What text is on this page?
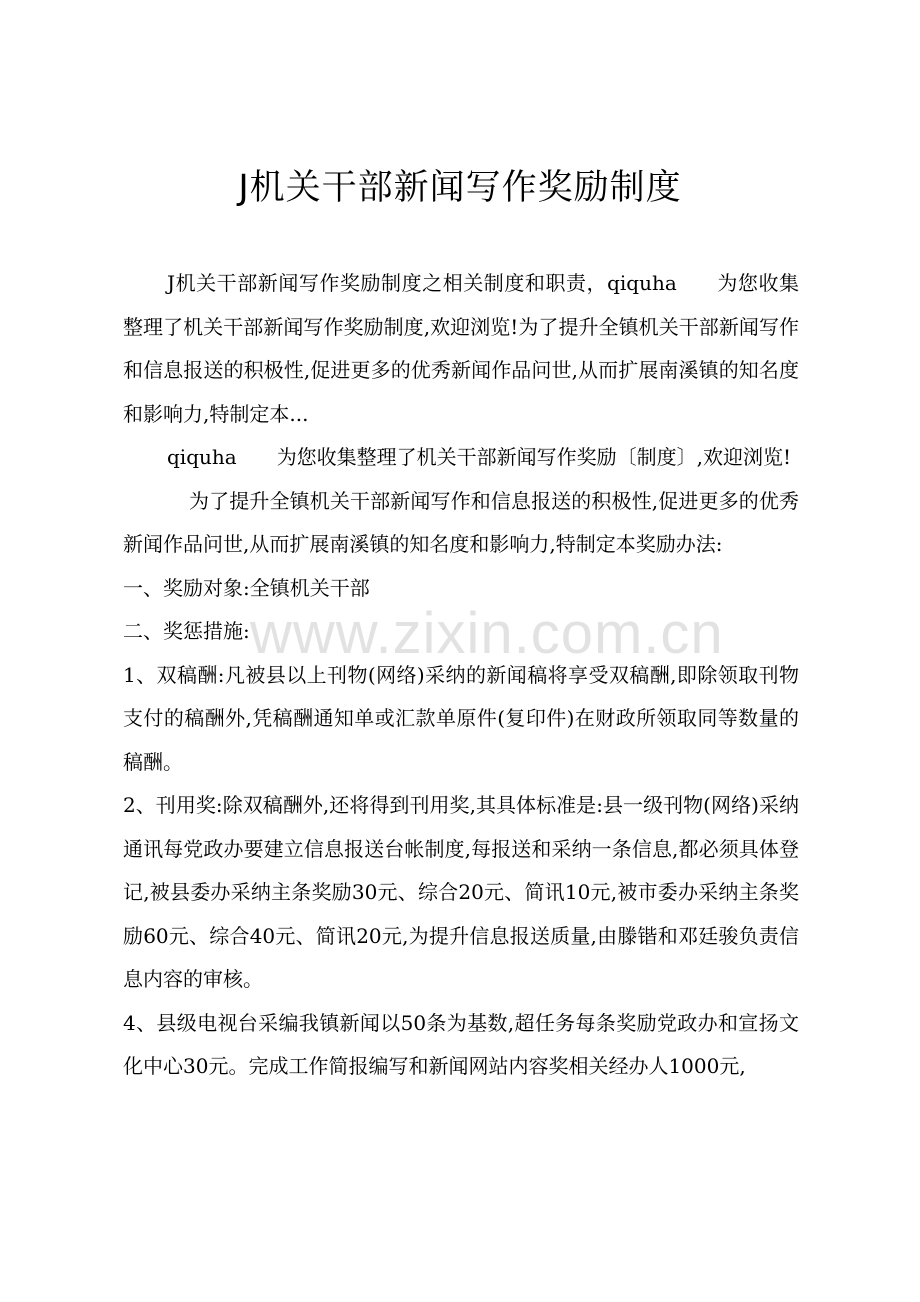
J机关干部新闻写作奖励制度

J机关干部新闻写作奖励制度之相关制度和职责，qiquha 为您收集整理了机关干部新闻写作奖励制度,欢迎浏览!为了提升全镇机关干部新闻写作和信息报送的积极性,促进更多的优秀新闻作品问世,从而扩展南溪镇的知名度和影响力,特制定本...

qiquha 为您收集整理了机关干部新闻写作奖励〔制度〕,欢迎浏览!

为了提升全镇机关干部新闻写作和信息报送的积极性,促进更多的优秀新闻作品问世,从而扩展南溪镇的知名度和影响力,特制定本奖励办法:

一、奖励对象:全镇机关干部

二、奖惩措施:

1、双稿酬:凡被县以上刊物(网络)采纳的新闻稿将享受双稿酬,即除领取刊物支付的稿酬外,凭稿酬通知单或汇款单原件(复印件)在财政所领取同等数量的稿酬。

2、刊用奖:除双稿酬外,还将得到刊用奖,其具体标准是:县一级刊物(网络)采纳通讯每党政办要建立信息报送台帐制度,每报送和采纳一条信息,都必须具体登记,被县委办采纳主条奖励30元、综合20元、简讯10元,被市委办采纳主条奖励60元、综合40元、简讯20元,为提升信息报送质量,由滕锴和邓廷骏负责信息内容的审核。

4、县级电视台采编我镇新闻以50条为基数,超任务每条奖励党政办和宣扬文化中心30元。完成工作简报编写和新闻网站内容奖相关经办人1000元,

www.zixin.com.cn
